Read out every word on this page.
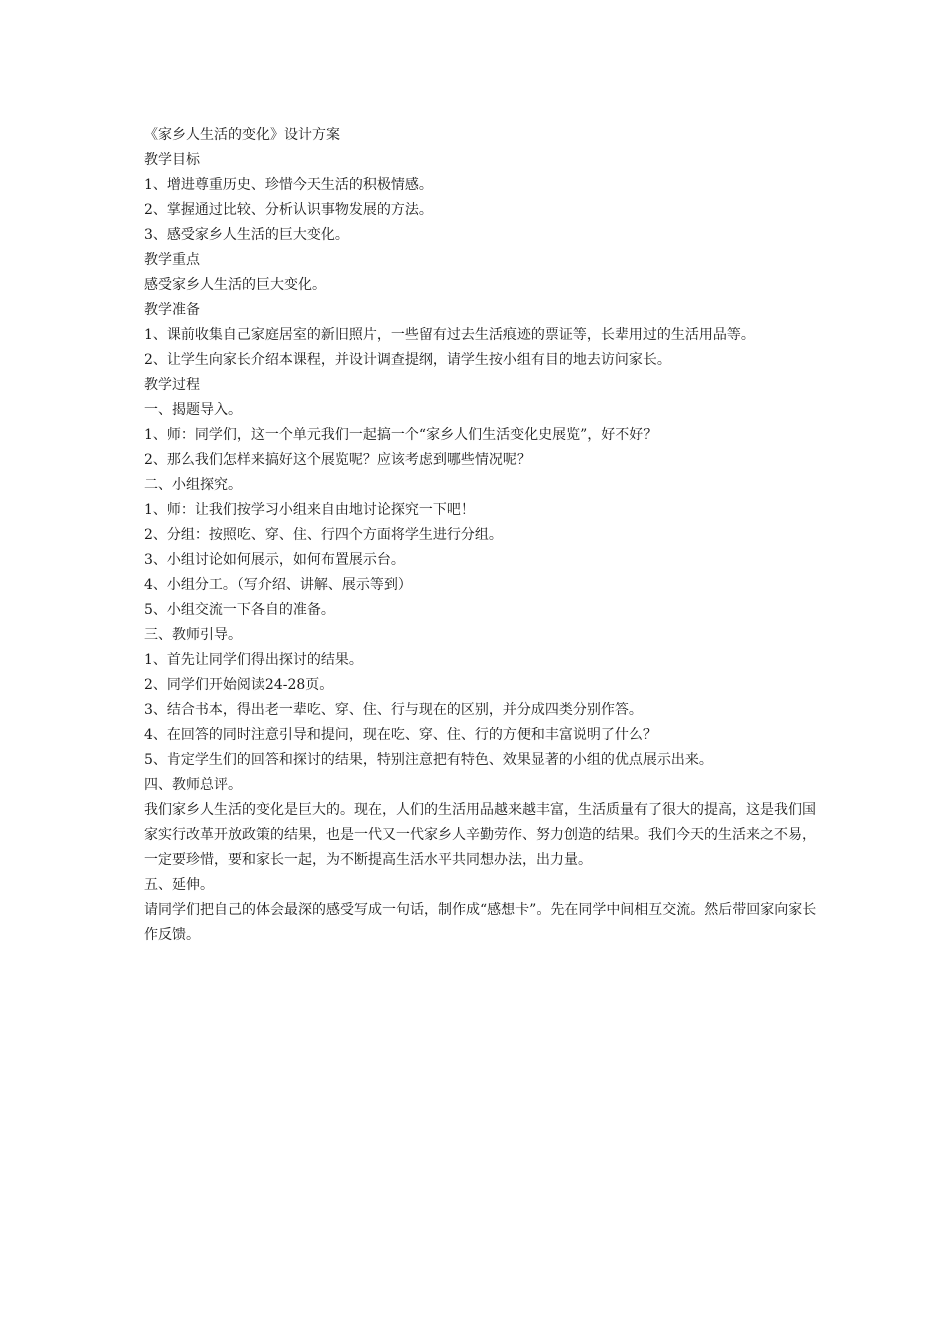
《家乡人生活的变化》设计方案

教学目标

1、增进尊重历史、珍惜今天生活的积极情感。

2、掌握通过比较、分析认识事物发展的方法。

3、感受家乡人生活的巨大变化。

教学重点

感受家乡人生活的巨大变化。

教学准备

1、课前收集自己家庭居室的新旧照片，一些留有过去生活痕迹的票证等，长辈用过的生活用品等。

2、让学生向家长介绍本课程，并设计调查提纲，请学生按小组有目的地去访问家长。

教学过程

一、揭题导入。

1、师：同学们，这一个单元我们一起搞一个“家乡人们生活变化史展览”，好不好？

2、那么我们怎样来搞好这个展览呢？应该考虑到哪些情况呢？

二、小组探究。

1、师：让我们按学习小组来自由地讨论探究一下吧！

2、分组：按照吃、穿、住、行四个方面将学生进行分组。

3、小组讨论如何展示，如何布置展示台。

4、小组分工。（写介绍、讲解、展示等到）

5、小组交流一下各自的准备。

三、教师引导。

1、首先让同学们得出探讨的结果。

2、同学们开始阅读24-28页。

3、结合书本，得出老一辈吃、穿、住、行与现在的区别，并分成四类分别作答。

4、在回答的同时注意引导和提问，现在吃、穿、住、行的方便和丰富说明了什么？

5、肯定学生们的回答和探讨的结果，特别注意把有特色、效果显著的小组的优点展示出来。

四、教师总评。

我们家乡人生活的变化是巨大的。现在，人们的生活用品越来越丰富，生活质量有了很大的提高，这是我们国家实行改革开放政策的结果，也是一代又一代家乡人辛勤劳作、努力创造的结果。我们今天的生活来之不易，一定要珍惜，要和家长一起，为不断提高生活水平共同想办法，出力量。

五、延伸。

请同学们把自己的体会最深的感受写成一句话，制作成“感想卡”。先在同学中间相互交流。然后带回家向家长作反馈。
